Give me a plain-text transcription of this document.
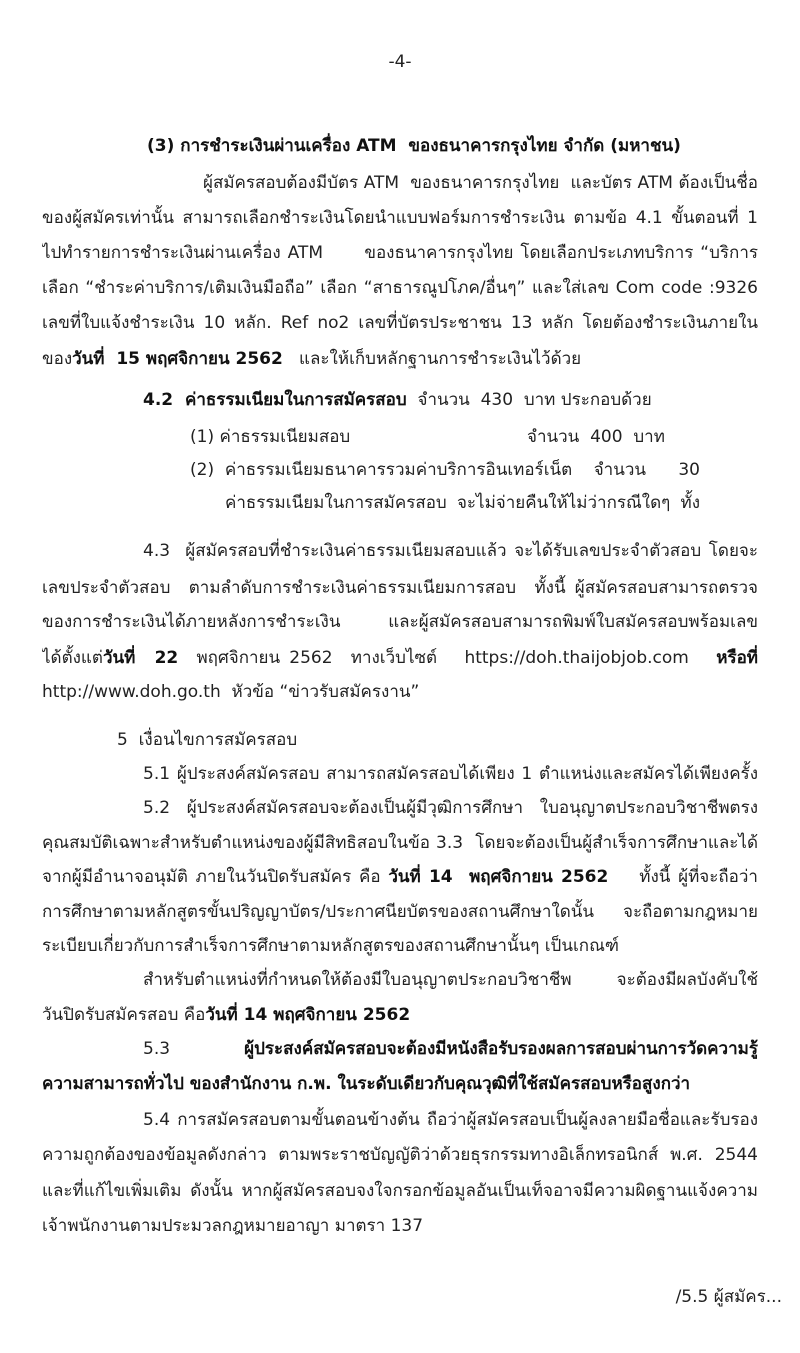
-4-
(3) การชำระเงินผ่านเครื่อง ATM  ของธนาคารกรุงไทย จำกัด (มหาชน)
ผู้สมัครสอบต้องมีบัตร ATM  ของธนาคารกรุงไทย  และบัตร ATM ต้องเป็นชื่อ
ของผู้สมัครเท่านั้น สามารถเลือกชำระเงินโดยนำแบบฟอร์มการชำระเงิน ตามข้อ 4.1 ขั้นตอนที่ 1
ไปทำรายการชำระเงินผ่านเครื่อง ATM      ของธนาคารกรุงไทย โดยเลือกประเภทบริการ “บริการ
เลือก “ชำระค่าบริการ/เติมเงินมือถือ” เลือก “สาธารณูปโภค/อื่นๆ” และใส่เลข Com code :9326
เลขที่ใบแจ้งชำระเงิน 10 หลัก. Ref no2 เลขที่บัตรประชาชน 13 หลัก โดยต้องชำระเงินภายใน
ของวันที่  15 พฤศจิกายน 2562   และให้เก็บหลักฐานการชำระเงินไว้ด้วย
4.2  ค่าธรรมเนียมในการสมัครสอบ  จำนวน  430  บาท ประกอบด้วย
(1) ค่าธรรมเนียมสอบ	จำนวน  400  บาท
(2) ค่าธรรมเนียมธนาคารรวมค่าบริการอินเทอร์เน็ต  จำนวน   30
ค่าธรรมเนียมในการสมัครสอบ จะไม่จ่ายคืนให้ไม่ว่ากรณีใดๆ ทั้ง
4.3  ผู้สมัครสอบที่ชำระเงินค่าธรรมเนียมสอบแล้ว จะได้รับเลขประจำตัวสอบ โดยจะ
เลขประจำตัวสอบ  ตามลำดับการชำระเงินค่าธรรมเนียมการสอบ  ทั้งนี้ ผู้สมัครสอบสามารถตรวจ
ของการชำระเงินได้ภายหลังการชำระเงิน  และผู้สมัครสอบสามารถพิมพ์ใบสมัครสอบพร้อมเลข
ได้ตั้งแต่วันที่  22  พฤศจิกายน 2562  ทางเว็บไซต์   https://doh.thaijobjob.com   หรือที่
http://www.doh.go.th  หัวข้อ “ข่าวรับสมัครงาน”
5  เงื่อนไขการสมัครสอบ
5.1 ผู้ประสงค์สมัครสอบ สามารถสมัครสอบได้เพียง 1 ตำแหน่งและสมัครได้เพียงครั้ง
5.2 ผู้ประสงค์สมัครสอบจะต้องเป็นผู้มีวุฒิการศึกษา ใบอนุญาตประกอบวิชาชีพตรง
คุณสมบัติเฉพาะสำหรับตำแหน่งของผู้มีสิทธิสอบในข้อ 3.3  โดยจะต้องเป็นผู้สำเร็จการศึกษาและได้
จากผู้มีอำนาจอนุมัติ ภายในวันปิดรับสมัคร คือ วันที่ 14  พฤศจิกายน 2562    ทั้งนี้ ผู้ที่จะถือว่า
การศึกษาตามหลักสูตรขั้นปริญญาบัตร/ประกาศนียบัตรของสถานศึกษาใดนั้น จะถือตามกฎหมาย
ระเบียบเกี่ยวกับการสำเร็จการศึกษาตามหลักสูตรของสถานศึกษานั้นๆ เป็นเกณฑ์
สำหรับตำแหน่งที่กำหนดให้ต้องมีใบอนุญาตประกอบวิชาชีพ จะต้องมีผลบังคับใช้
วันปิดรับสมัครสอบ คือวันที่ 14 พฤศจิกายน 2562
5.3 ผู้ประสงค์สมัครสอบจะต้องมีหนังสือรับรองผลการสอบผ่านการวัดความรู้
ความสามารถทั่วไป ของสำนักงาน ก.พ. ในระดับเดียวกับคุณวุฒิที่ใช้สมัครสอบหรือสูงกว่า
5.4 การสมัครสอบตามขั้นตอนข้างต้น ถือว่าผู้สมัครสอบเป็นผู้ลงลายมือชื่อและรับรอง
ความถูกต้องของข้อมูลดังกล่าว ตามพระราชบัญญัติว่าด้วยธุรกรรมทางอิเล็กทรอนิกส์ พ.ศ. 2544
และที่แก้ไขเพิ่มเติม ดังนั้น หากผู้สมัครสอบจงใจกรอกข้อมูลอันเป็นเท็จอาจมีความผิดฐานแจ้งความ
เจ้าพนักงานตามประมวลกฎหมายอาญา มาตรา 137
/5.5 ผู้สมัคร...
